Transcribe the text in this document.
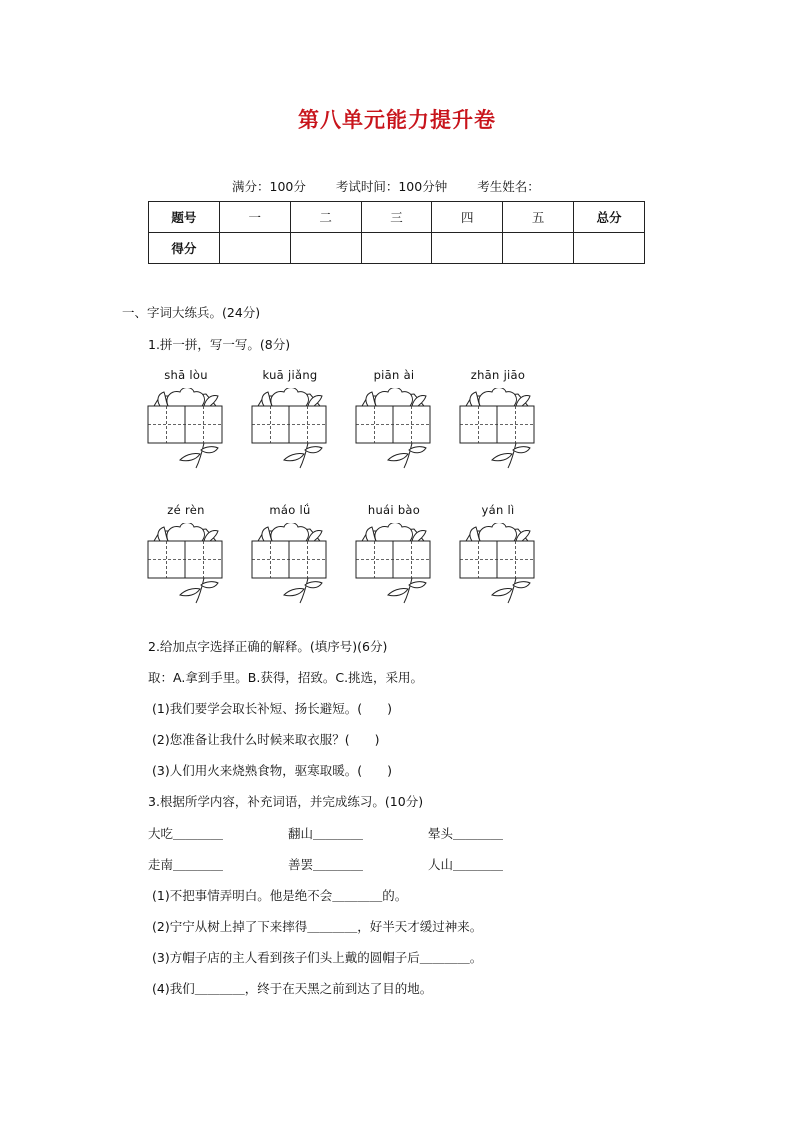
第八单元能力提升卷
满分：100分 考试时间：100分钟 考生姓名：
题号	一	二	三	四	五	总分
得分						
一、字词大练兵。(24分)
1.拼一拼，写一写。(8分)
shā lòu	kuā jiǎng	piān ài	zhān jiāo
zé rèn	máo lǘ	huái bào	yán lì
2.给加点字选择正确的解释。(填序号)(6分)
取：A.拿到手里。B.获得，招致。C.挑选，采用。
(1)我们要学会取长补短、扬长避短。(　　)
(2)您准备让我什么时候来取衣服？(　　)
(3)人们用火来烧熟食物，驱寒取暖。(　　)
3.根据所学内容，补充词语，并完成练习。(10分)
大吃＿＿＿＿	翻山＿＿＿＿	晕头＿＿＿＿
走南＿＿＿＿	善罢＿＿＿＿	人山＿＿＿＿
(1)不把事情弄明白。他是绝不会＿＿＿＿的。
(2)宁宁从树上掉了下来摔得＿＿＿＿，好半天才缓过神来。
(3)方帽子店的主人看到孩子们头上戴的圆帽子后＿＿＿＿。
(4)我们＿＿＿＿，终于在天黑之前到达了目的地。
